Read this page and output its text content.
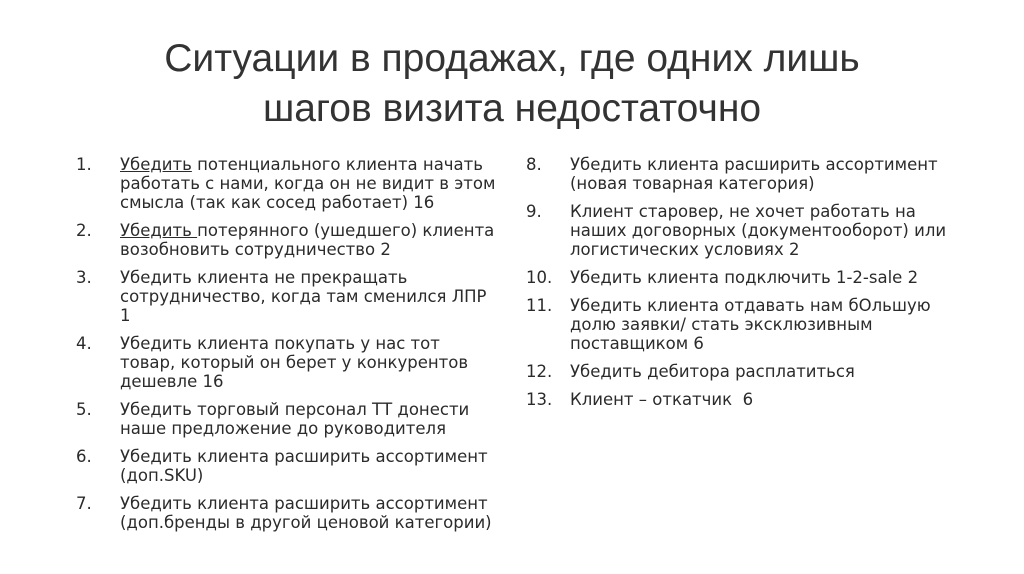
Ситуации в продажах, где одних лишь
шагов визита недостаточно
1.	Убедить потенциального клиента начать работать с нами, когда он не видит в этом смысла (так как сосед работает) 16
2.	Убедить потерянного (ушедшего) клиента возобновить сотрудничество 2
3.	Убедить клиента не прекращать сотрудничество, когда там сменился ЛПР 1
4.	Убедить клиента покупать у нас тот товар, который он берет у конкурентов дешевле 16
5.	Убедить торговый персонал ТТ донести наше предложение до руководителя
6.	Убедить клиента расширить ассортимент (доп.SKU)
7.	Убедить клиента расширить ассортимент (доп.бренды в другой ценовой категории)
8.	Убедить клиента расширить ассортимент (новая товарная категория)
9.	Клиент старовер, не хочет работать на наших договорных (документооборот) или логистических условиях 2
10.	Убедить клиента подключить 1-2-sale 2
11.	Убедить клиента отдавать нам бОльшую долю заявки/ стать эксклюзивным поставщиком 6
12.	Убедить дебитора расплатиться
13.	Клиент – откатчик  6
